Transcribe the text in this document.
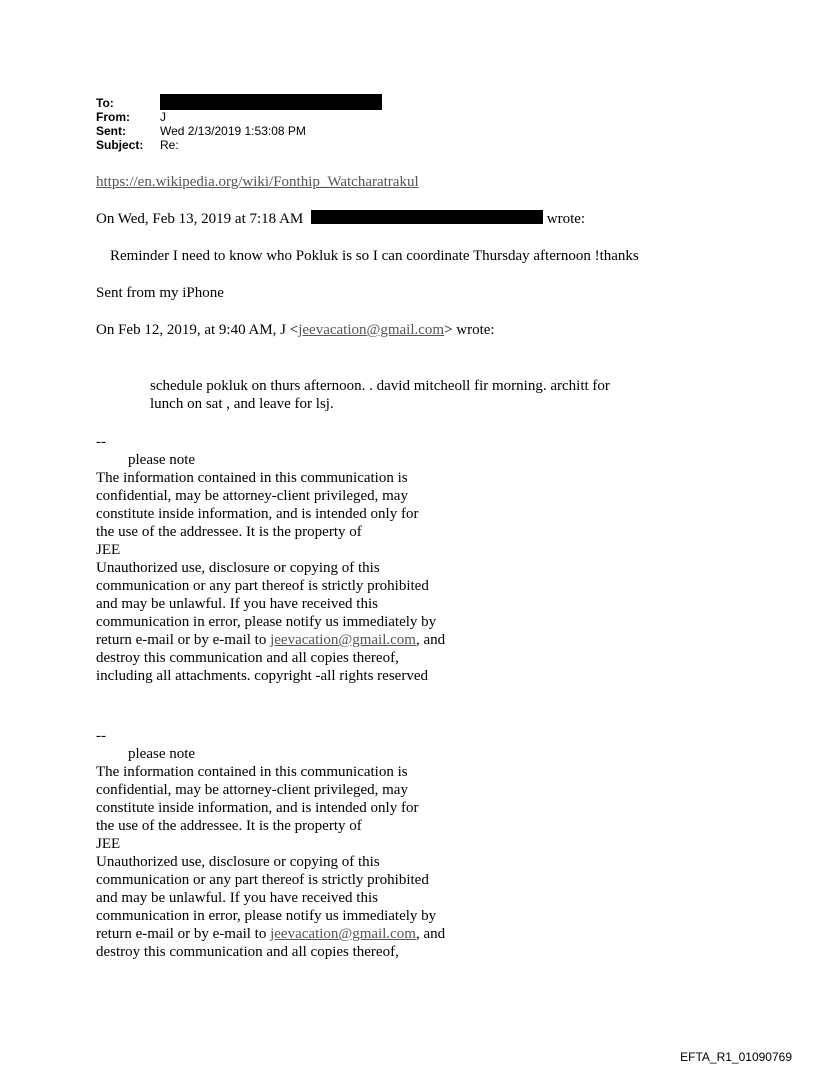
To:
From:	J
Sent:	Wed 2/13/2019 1:53:08 PM
Subject:	Re:
https://en.wikipedia.org/wiki/Fonthip_Watcharatrakul
On Wed, Feb 13, 2019 at 7:18 AM	wrote:
Reminder I need to know who Pokluk is so I can coordinate Thursday afternoon !thanks
Sent from my iPhone
On Feb 12, 2019, at 9:40 AM, J <jeevacation@gmail.com> wrote:
schedule pokluk on thurs afternoon. . david mitcheoll fir morning. architt for
lunch on sat , and leave for lsj.
--
please note
The information contained in this communication is
confidential, may be attorney-client privileged, may
constitute inside information, and is intended only for
the use of the addressee. It is the property of
JEE
Unauthorized use, disclosure or copying of this
communication or any part thereof is strictly prohibited
and may be unlawful. If you have received this
communication in error, please notify us immediately by
return e-mail or by e-mail to jeevacation@gmail.com, and
destroy this communication and all copies thereof,
including all attachments. copyright -all rights reserved
--
please note
The information contained in this communication is
confidential, may be attorney-client privileged, may
constitute inside information, and is intended only for
the use of the addressee. It is the property of
JEE
Unauthorized use, disclosure or copying of this
communication or any part thereof is strictly prohibited
and may be unlawful. If you have received this
communication in error, please notify us immediately by
return e-mail or by e-mail to jeevacation@gmail.com, and
destroy this communication and all copies thereof,
EFTA_R1_01090769
